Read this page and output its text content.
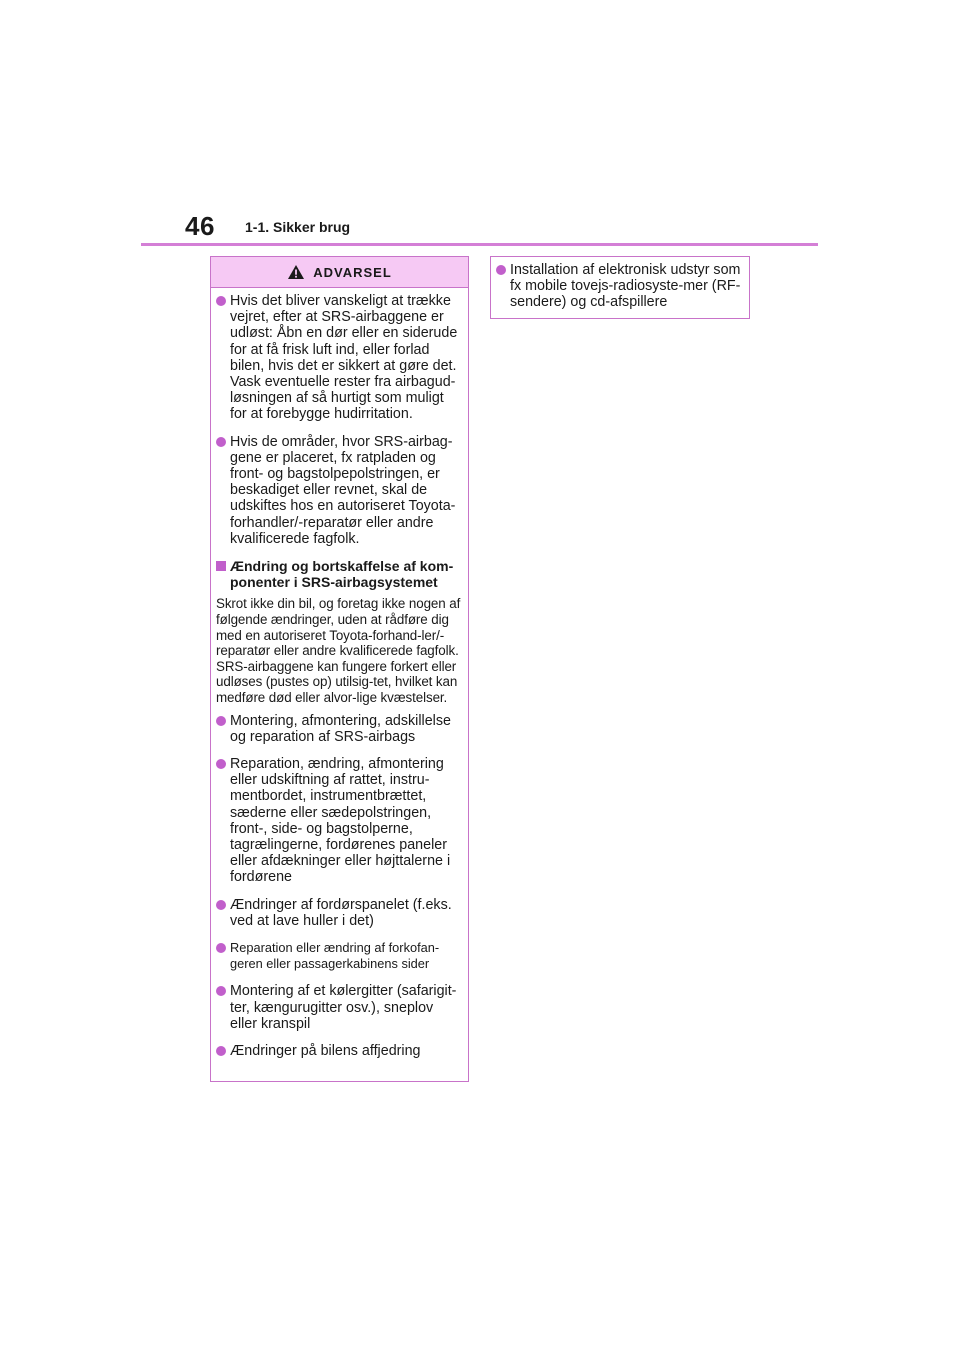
46 1-1. Sikker brug
ADVARSEL
Hvis det bliver vanskeligt at trække vejret, efter at SRS-airbaggene er udløst: Åbn en dør eller en siderude for at få frisk luft ind, eller forlad bilen, hvis det er sikkert at gøre det. Vask eventuelle rester fra airbagud-løsningen af så hurtigt som muligt for at forebygge hudirritation.
Hvis de områder, hvor SRS-airbag-gene er placeret, fx ratpladen og front- og bagstolpepolstringen, er beskadiget eller revnet, skal de udskiftes hos en autoriseret Toyota-forhandler/-reparatør eller andre kvalificerede fagfolk.
Ændring og bortskaffelse af kom-ponenter i SRS-airbagsystemet
Skrot ikke din bil, og foretag ikke nogen af følgende ændringer, uden at rådføre dig med en autoriseret Toyota-forhand-ler/-reparatør eller andre kvalificerede fagfolk. SRS-airbaggene kan fungere forkert eller udløses (pustes op) utilsig-tet, hvilket kan medføre død eller alvor-lige kvæstelser.
Montering, afmontering, adskillelse og reparation af SRS-airbags
Reparation, ændring, afmontering eller udskiftning af rattet, instru-mentbordet, instrumentbrættet, sæderne eller sædepolstringen, front-, side- og bagstolperne, tagrælingerne, fordørenes paneler eller afdækninger eller højttalerne i fordørene
Ændringer af fordørspanelet (f.eks. ved at lave huller i det)
Reparation eller ændring af forkofan-geren eller passagerkabinens sider
Montering af et kølergitter (safarigit-ter, kængurugitter osv.), sneplov eller kranspil
Ændringer på bilens affjedring
Installation af elektronisk udstyr som fx mobile tovejs-radiosyste-mer (RF-sendere) og cd-afspillere
